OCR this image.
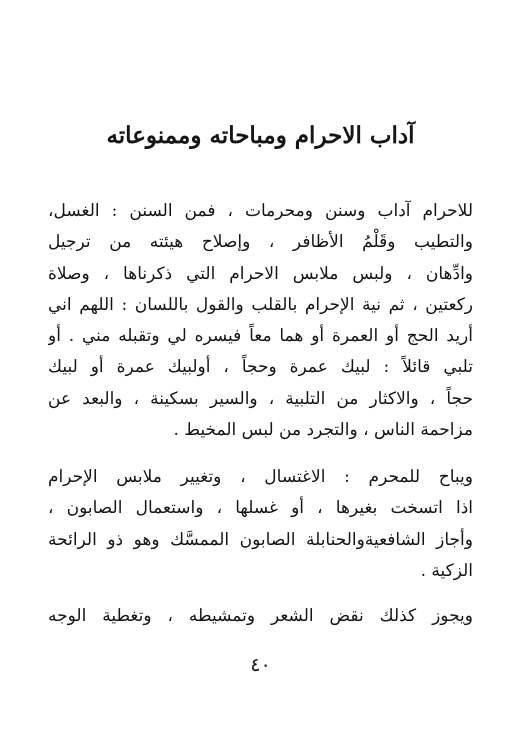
آداب الاحرام ومباحاته وممنوعاته
للاحرام آداب وسنن ومحرمات ، فمن السنن : الغسل،
والتطيب وقَلْمُ الأظافر ، وإصلاح هيئته من ترجيل
وادِّهان ، ولبس ملابس الاحرام التي ذكرناها ، وصلاة
ركعتين ، ثم نية الإحرام بالقلب والقول باللسان : اللهم اني
أريد الحج أو العمرة أو هما معاً فيسره لي وتقبله مني . أو
تلبي قائلاً : لبيك عمرة وحجاً ، أولبيك عمرة أو لبيك
حجاً ، والاكثار من التلبية ، والسير بسكينة ، والبعد عن
مزاحمة الناس ، والتجرد من لبس المخيط .
ويباح للمحرم : الاغتسال ، وتغيير ملابس الإحرام
اذا اتسخت بغيرها ، أو غسلها ، واستعمال الصابون ،
وأجاز الشافعيةوالحنابلة الصابون الممسَّك وهو ذو الرائحة
الزكية .
ويجوز كذلك نقض الشعر وتمشيطه ، وتغطية الوجه
٤٠
